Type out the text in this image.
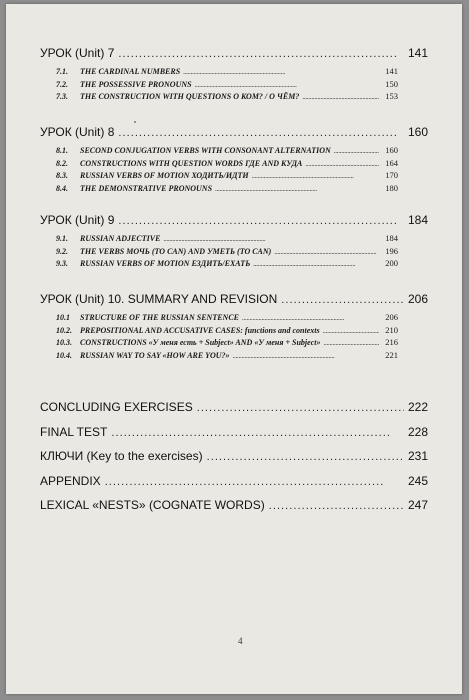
УРОК (Unit) 7 . . .	141
7.1.	THE CARDINAL NUMBERS . . .	141
7.2.	THE POSSESSIVE PRONOUNS . . .	150
7.3.	THE CONSTRUCTION WITH QUESTIONS О КОМ? / О ЧЁМ? . . .	153
УРОК (Unit) 8 . . .	160
8.1.	SECOND CONJUGATION VERBS WITH CONSONANT ALTERNATION . . .	160
8.2.	CONSTRUCTIONS WITH QUESTION WORDS ГДЕ AND КУДА . . .	164
8.3.	RUSSIAN VERBS OF MOTION ХОДИТЬ/ИДТИ . . .	170
8.4.	THE DEMONSTRATIVE PRONOUNS . . .	180
УРОК (Unit) 9 . . .	184
9.1.	RUSSIAN ADJECTIVE . . .	184
9.2.	THE VERBS МОЧЬ (TO CAN) AND УМЕТЬ (TO CAN) . . .	196
9.3.	RUSSIAN VERBS OF MOTION ЕЗДИТЬ/ЕХАТЬ . . .	200
УРОК (Unit) 10. SUMMARY AND REVISION . . .	206
10.1	STRUCTURE OF THE RUSSIAN SENTENCE . . .	206
10.2.	PREPOSITIONAL AND ACCUSATIVE CASES: functions and contexts . . .	210
10.3.	CONSTRUCTIONS «У меня есть + Subject» AND «У меня + Subject» . . .	216
10.4.	RUSSIAN WAY TO SAY «HOW ARE YOU?» . . .	221
CONCLUDING EXERCISES . . .	222
FINAL TEST . . .	228
КЛЮЧИ (Key to the exercises) . . .	231
APPENDIX . . .	245
LEXICAL «NESTS» (COGNATE WORDS) . . .	247
4
